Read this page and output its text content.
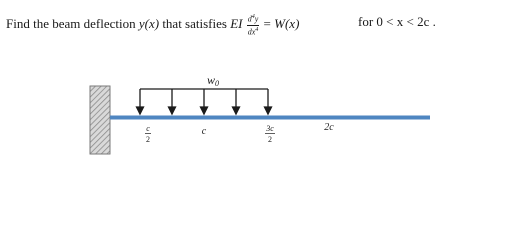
Find the beam deflection y(x) that satisfies EI $\frac{d^4y}{dx^4} = W(x)$	for 0 < x < 2c .
w0
c
2
c	3c
2
2c
